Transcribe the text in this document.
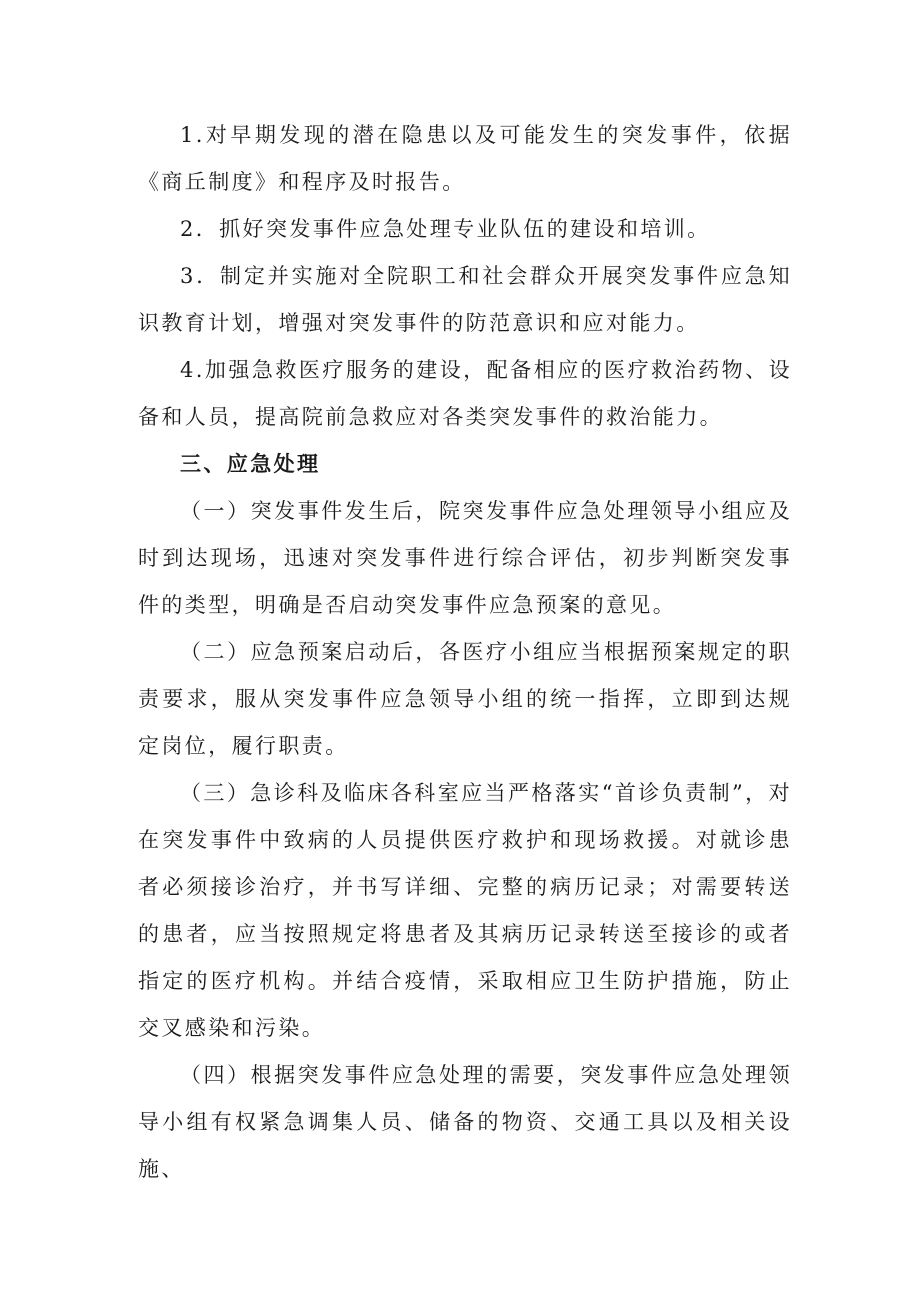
1.对早期发现的潜在隐患以及可能发生的突发事件，依据《商丘制度》和程序及时报告。

2．抓好突发事件应急处理专业队伍的建设和培训。

3．制定并实施对全院职工和社会群众开展突发事件应急知识教育计划，增强对突发事件的防范意识和应对能力。

4.加强急救医疗服务的建设，配备相应的医疗救治药物、设备和人员，提高院前急救应对各类突发事件的救治能力。

三、应急处理

（一）突发事件发生后，院突发事件应急处理领导小组应及时到达现场，迅速对突发事件进行综合评估，初步判断突发事件的类型，明确是否启动突发事件应急预案的意见。

（二）应急预案启动后，各医疗小组应当根据预案规定的职责要求，服从突发事件应急领导小组的统一指挥，立即到达规定岗位，履行职责。

（三）急诊科及临床各科室应当严格落实“首诊负责制”，对在突发事件中致病的人员提供医疗救护和现场救援。对就诊患者必须接诊治疗，并书写详细、完整的病历记录；对需要转送的患者，应当按照规定将患者及其病历记录转送至接诊的或者指定的医疗机构。并结合疫情，采取相应卫生防护措施，防止交叉感染和污染。

（四）根据突发事件应急处理的需要，突发事件应急处理领导小组有权紧急调集人员、储备的物资、交通工具以及相关设施、
